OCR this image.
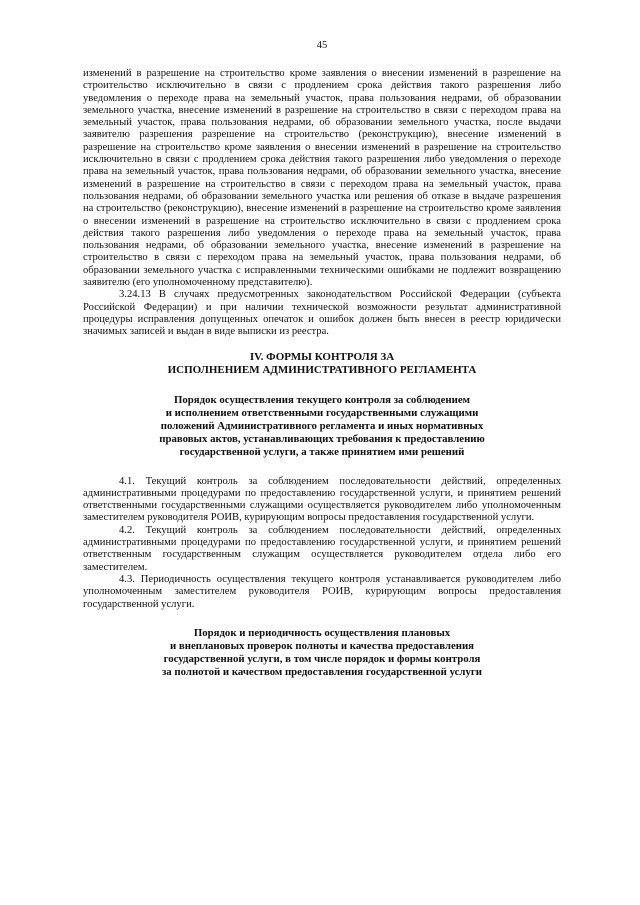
45

изменений в разрешение на строительство кроме заявления о внесении изменений в разрешение на строительство исключительно в связи с продлением срока действия такого разрешения либо уведомления о переходе права на земельный участок, права пользования недрами, об образовании земельного участка, внесение изменений в разрешение на строительство в связи с переходом права на земельный участок, права пользования недрами, об образовании земельного участка, после выдачи заявителю разрешения разрешение на строительство (реконструкцию), внесение изменений в разрешение на строительство кроме заявления о внесении изменений в разрешение на строительство исключительно в связи с продлением срока действия такого разрешения либо уведомления о переходе права на земельный участок, права пользования недрами, об образовании земельного участка, внесение изменений в разрешение на строительство в связи с переходом права на земельный участок, права пользования недрами, об образовании земельного участка или решения об отказе в выдаче разрешения на строительство (реконструкцию), внесение изменений в разрешение на строительство кроме заявления о внесении изменений в разрешение на строительство исключительно в связи с продлением срока действия такого разрешения либо уведомления о переходе права на земельный участок, права пользования недрами, об образовании земельного участка, внесение изменений в разрешение на строительство в связи с переходом права на земельный участок, права пользования недрами, об образовании земельного участка с исправленными техническими ошибками не подлежит возвращению заявителю (его уполномоченному представителю).

3.24.13 В случаях предусмотренных законодательством Российской Федерации (субъекта Российской Федерации) и при наличии технической возможности результат административной процедуры исправления допущенных опечаток и ошибок должен быть внесен в реестр юридически значимых записей и выдан в виде выписки из реестра.

IV. ФОРМЫ КОНТРОЛЯ ЗА
ИСПОЛНЕНИЕМ АДМИНИСТРАТИВНОГО РЕГЛАМЕНТА
Порядок осуществления текущего контроля за соблюдением
и исполнением ответственными государственными служащими
положений Административного регламента и иных нормативных
правовых актов, устанавливающих требования к предоставлению
государственной услуги, а также принятием ими решений

4.1. Текущий контроль за соблюдением последовательности действий, определенных административными процедурами по предоставлению государственной услуги, и принятием решений ответственными государственными служащими осуществляется руководителем либо уполномоченным заместителем руководителя РОИВ, курирующим вопросы предоставления государственной услуги.

4.2. Текущий контроль за соблюдением последовательности действий, определенных административными процедурами по предоставлению государственной услуги, и принятием решений ответственным государственным служащим осуществляется руководителем отдела либо его заместителем.

4.3. Периодичность осуществления текущего контроля устанавливается руководителем либо уполномоченным заместителем руководителя РОИВ, курирующим вопросы предоставления государственной услуги.

Порядок и периодичность осуществления плановых
и внеплановых проверок полноты и качества предоставления
государственной услуги, в том числе порядок и формы контроля
за полнотой и качеством предоставления государственной услуги
